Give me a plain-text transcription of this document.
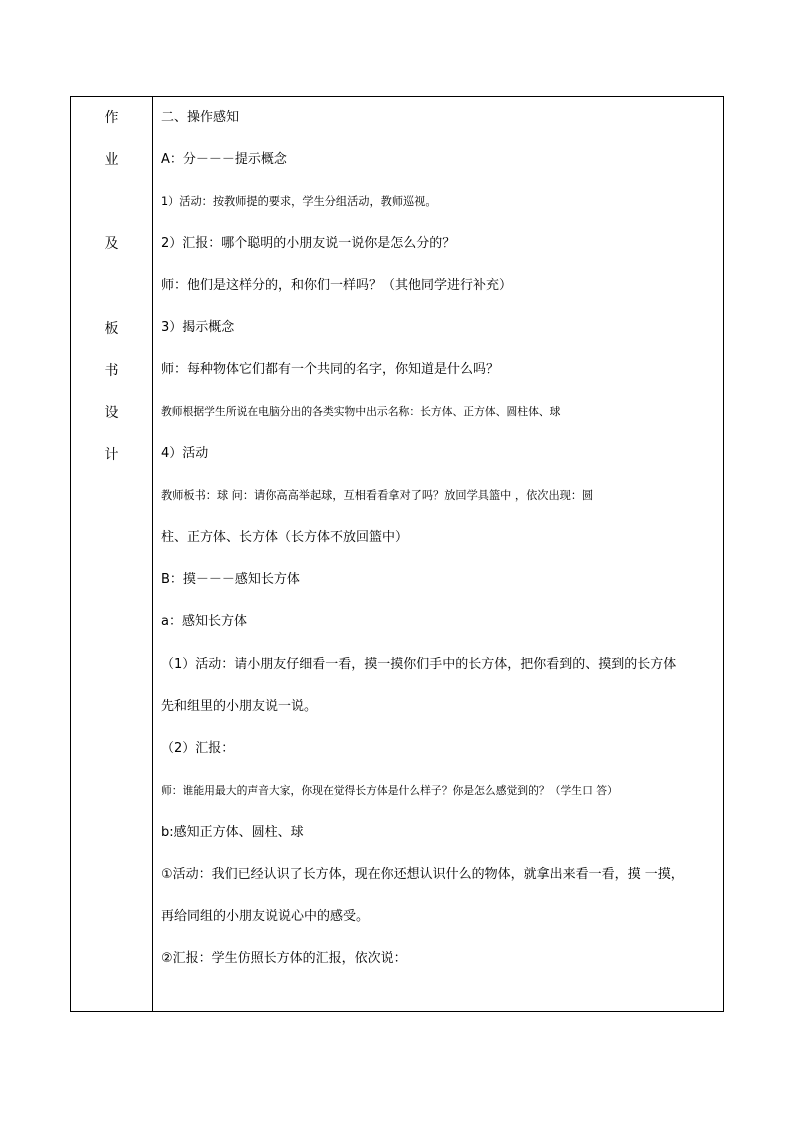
作
业
及
板
书
设
计
二、操作感知
A：分－－－提示概念
1）活动：按教师提的要求，学生分组活动，教师巡视。
2）汇报：哪个聪明的小朋友说一说你是怎么分的？
师：他们是这样分的，和你们一样吗？（其他同学进行补充）
3）揭示概念
师：每种物体它们都有一个共同的名字，你知道是什么吗？
教师根据学生所说在电脑分出的各类实物中出示名称：长方体、正方体、圆柱体、球
4）活动
教师板书：球 问：请你高高举起球，互相看看拿对了吗？放回学具篮中 ，依次出现：圆
柱、正方体、长方体（长方体不放回篮中）
B：摸－－－感知长方体
a：感知长方体
（1）活动：请小朋友仔细看一看，摸一摸你们手中的长方体，把你看到的、摸到的长方体
先和组里的小朋友说一说。
（2）汇报：
师：谁能用最大的声音大家，你现在觉得长方体是什么样子？你是怎么感觉到的？（学生口 答）
b:感知正方体、圆柱、球
①活动：我们已经认识了长方体，现在你还想认识什么的物体，就拿出来看一看，摸 一摸，
再给同组的小朋友说说心中的感受。
②汇报：学生仿照长方体的汇报，依次说：
